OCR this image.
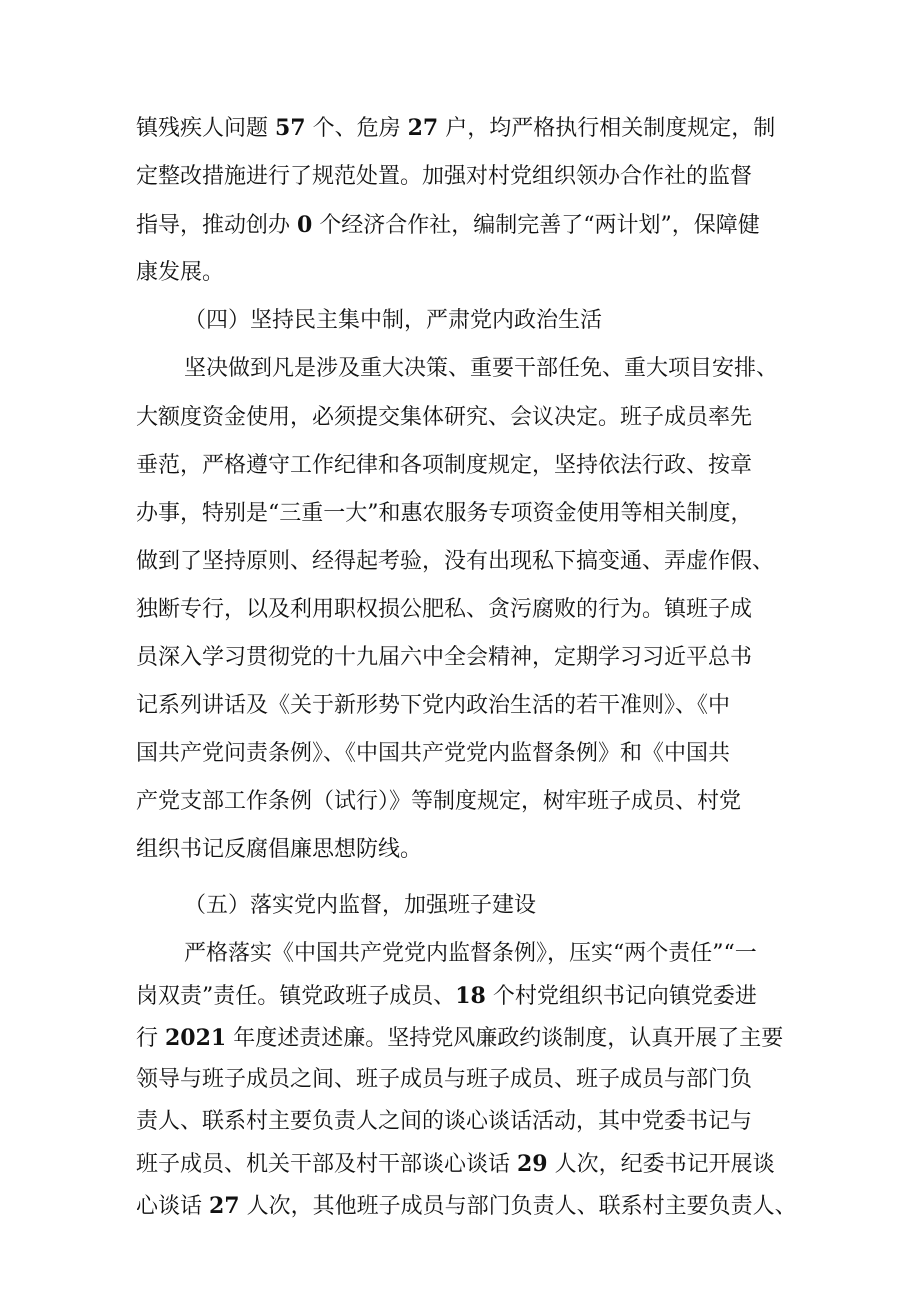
镇残疾人问题 57 个、危房 27 户，均严格执行相关制度规定，制
定整改措施进行了规范处置。加强对村党组织领办合作社的监督
指导，推动创办 0 个经济合作社，编制完善了“两计划”，保障健
康发展。
（四）坚持民主集中制，严肃党内政治生活
坚决做到凡是涉及重大决策、重要干部任免、重大项目安排、
大额度资金使用，必须提交集体研究、会议决定。班子成员率先
垂范，严格遵守工作纪律和各项制度规定，坚持依法行政、按章
办事，特别是“三重一大”和惠农服务专项资金使用等相关制度，
做到了坚持原则、经得起考验，没有出现私下搞变通、弄虚作假、
独断专行，以及利用职权损公肥私、贪污腐败的行为。镇班子成
员深入学习贯彻党的十九届六中全会精神，定期学习习近平总书
记系列讲话及《关于新形势下党内政治生活的若干准则》、《中
国共产党问责条例》、《中国共产党党内监督条例》和《中国共
产党支部工作条例（试行）》等制度规定，树牢班子成员、村党
组织书记反腐倡廉思想防线。
（五）落实党内监督，加强班子建设
严格落实《中国共产党党内监督条例》，压实“两个责任”“一
岗双责”责任。镇党政班子成员、18 个村党组织书记向镇党委进
行 2021 年度述责述廉。坚持党风廉政约谈制度，认真开展了主要
领导与班子成员之间、班子成员与班子成员、班子成员与部门负
责人、联系村主要负责人之间的谈心谈话活动，其中党委书记与
班子成员、机关干部及村干部谈心谈话 29 人次，纪委书记开展谈
心谈话 27 人次，其他班子成员与部门负责人、联系村主要负责人、
